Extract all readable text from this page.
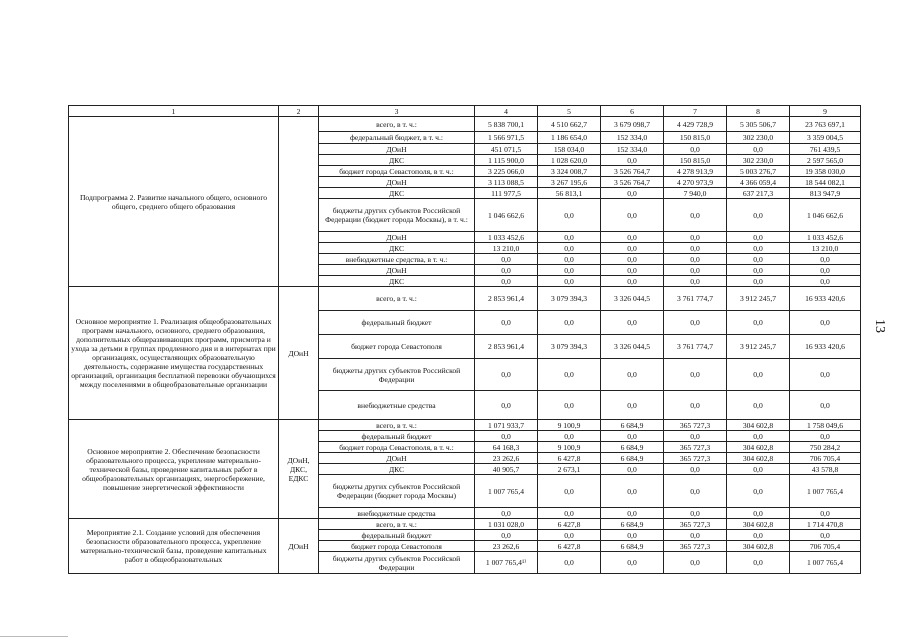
1	2	3	4	5	6	7	8	9
Подпрограмма 2. Развитие начального общего, основного общего, среднего общего образования		всего, в т. ч.:	5 838 700,1	4 510 662,7	3 679 098,7	4 429 728,9	5 305 506,7	23 763 697,1
		федеральный бюджет, в т. ч.:	1 566 971,5	1 186 654,0	152 334,0	150 815,0	302 230,0	3 359 004,5
		ДОиН	451 071,5	158 034,0	152 334,0	0,0	0,0	761 439,5
		ДКС	1 115 900,0	1 028 620,0	0,0	150 815,0	302 230,0	2 597 565,0
		бюджет города Севастополя, в т. ч.:	3 225 066,0	3 324 008,7	3 526 764,7	4 278 913,9	5 003 276,7	19 358 030,0
		ДОиН	3 113 088,5	3 267 195,6	3 526 764,7	4 270 973,9	4 366 059,4	18 544 082,1
		ДКС	111 977,5	56 813,1	0,0	7 940,0	637 217,3	813 947,9
		бюджеты других субъектов Российской Федерации (бюджет города Москвы), в т. ч.:	1 046 662,6	0,0	0,0	0,0	0,0	1 046 662,6
		ДОиН	1 033 452,6	0,0	0,0	0,0	0,0	1 033 452,6
		ДКС	13 210,0	0,0	0,0	0,0	0,0	13 210,0
		внебюджетные средства, в т. ч.:	0,0	0,0	0,0	0,0	0,0	0,0
		ДОиН	0,0	0,0	0,0	0,0	0,0	0,0
		ДКС	0,0	0,0	0,0	0,0	0,0	0,0
Основное мероприятие 1. Реализация общеобразовательных программ начального, основного, среднего образования, дополнительных общеразвивающих программ, присмотра и ухода за детьми в группах продленного дня и в интернатах при организациях, осуществляющих образовательную деятельность, содержание имущества государственных организаций, организация бесплатной перевозки обучающихся между поселениями в общеобразовательные организации	ДОиН	всего, в т. ч.:	2 853 961,4	3 079 394,3	3 326 044,5	3 761 774,7	3 912 245,7	16 933 420,6
		федеральный бюджет	0,0	0,0	0,0	0,0	0,0	0,0
		бюджет города Севастополя	2 853 961,4	3 079 394,3	3 326 044,5	3 761 774,7	3 912 245,7	16 933 420,6
		бюджеты других субъектов Российской Федерации	0,0	0,0	0,0	0,0	0,0	0,0
		внебюджетные средства	0,0	0,0	0,0	0,0	0,0	0,0
Основное мероприятие 2. Обеспечение безопасности образовательного процесса, укрепление материально-технической базы, проведение капитальных работ в общеобразовательных организациях, энергосбережение, повышение энергетической эффективности	ДОиН, ДКС, ЕДКС	всего, в т. ч.:	1 071 933,7	9 100,9	6 684,9	365 727,3	304 602,8	1 758 049,6
		федеральный бюджет	0,0	0,0	0,0	0,0	0,0	0,0
		бюджет города Севастополя, в т. ч.:	64 168,3	9 100,9	6 684,9	365 727,3	304 602,8	750 284,2
		ДОиН	23 262,6	6 427,8	6 684,9	365 727,3	304 602,8	706 705,4
		ДКС	40 905,7	2 673,1	0,0	0,0	0,0	43 578,8
		бюджеты других субъектов Российской Федерации (бюджет города Москвы)	1 007 765,4	0,0	0,0	0,0	0,0	1 007 765,4
		внебюджетные средства	0,0	0,0	0,0	0,0	0,0	0,0
Мероприятие 2.1. Создание условий для обеспечения безопасности образовательного процесса, укрепление материально-технической базы, проведение капитальных работ в общеобразовательных	ДОиН	всего, в т. ч.:	1 031 028,0	6 427,8	6 684,9	365 727,3	304 602,8	1 714 470,8
		федеральный бюджет	0,0	0,0	0,0	0,0	0,0	0,0
		бюджет города Севастополя	23 262,6	6 427,8	6 684,9	365 727,3	304 602,8	706 705,4
		бюджеты других субъектов Российской Федерации	1 007 765,4¹⁾	0,0	0,0	0,0	0,0	1 007 765,4
13
